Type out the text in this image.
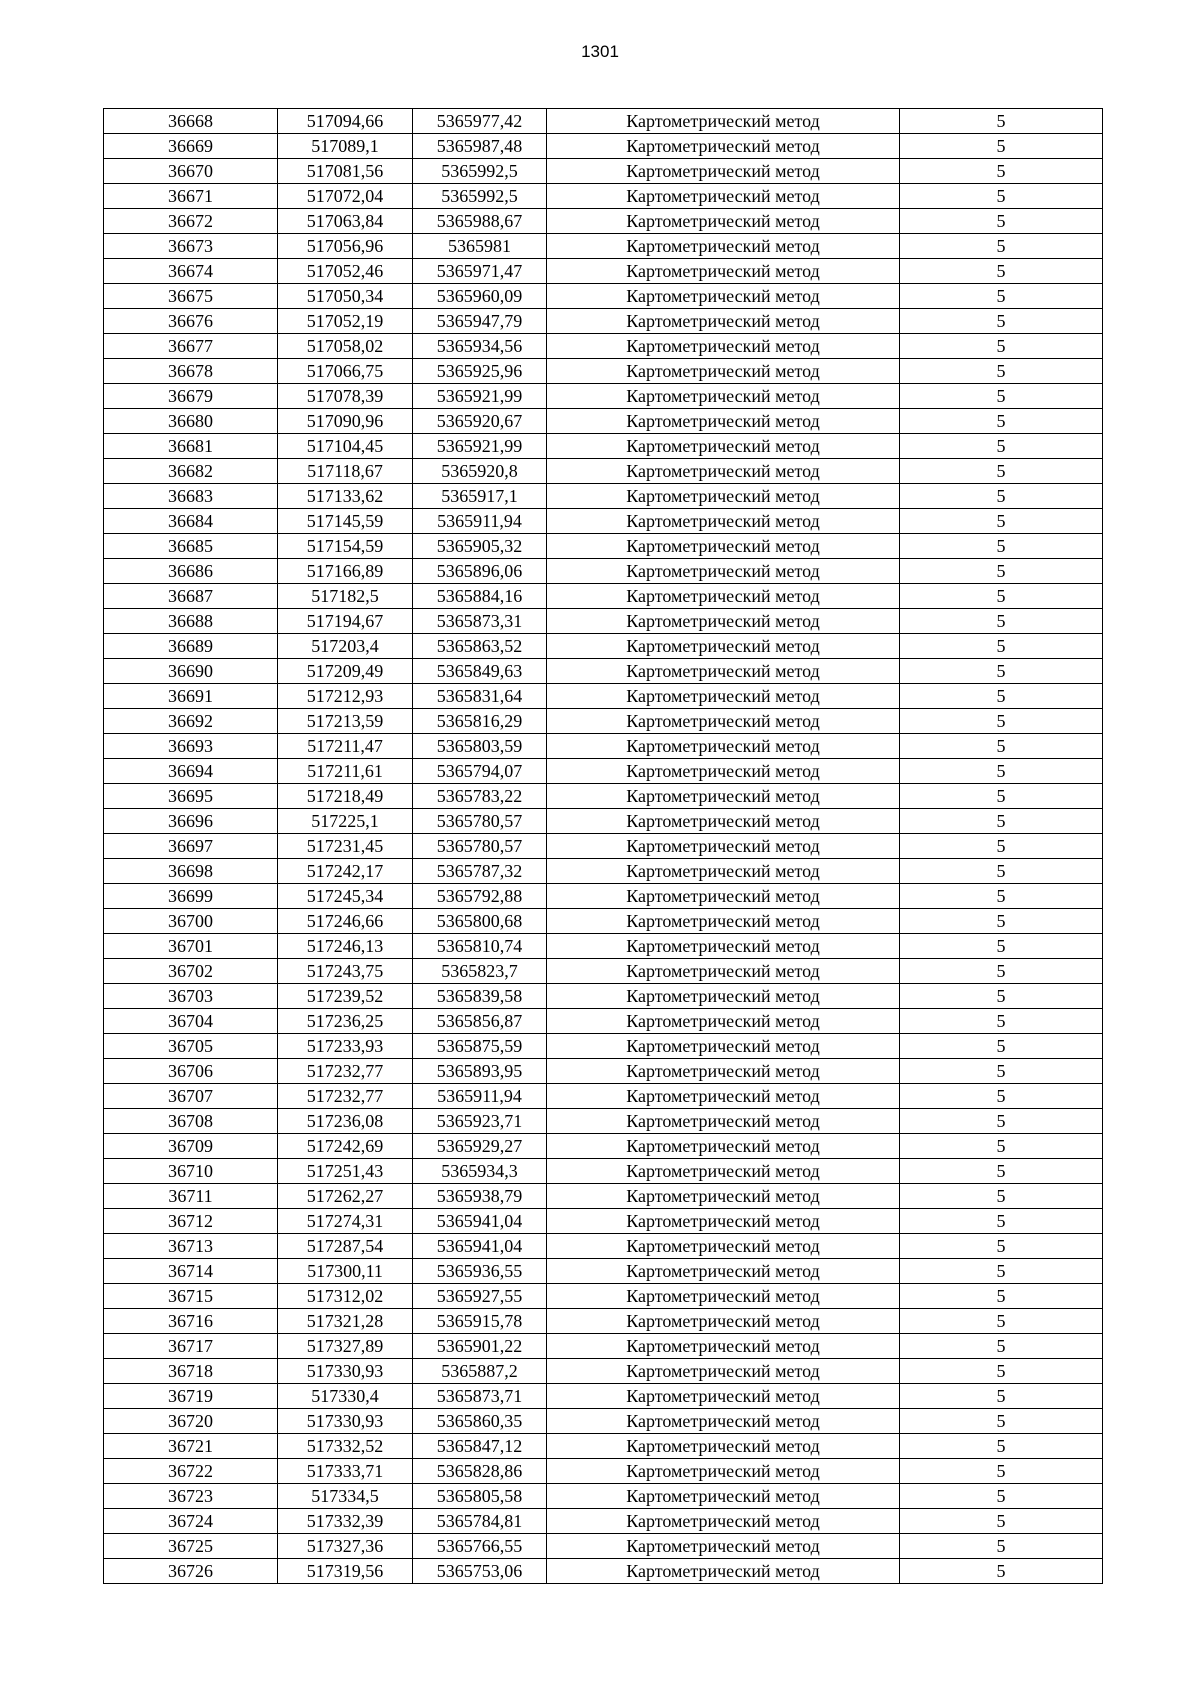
1301
36668	517094,66	5365977,42	Картометрический метод	5
36669	517089,1	5365987,48	Картометрический метод	5
36670	517081,56	5365992,5	Картометрический метод	5
36671	517072,04	5365992,5	Картометрический метод	5
36672	517063,84	5365988,67	Картометрический метод	5
36673	517056,96	5365981	Картометрический метод	5
36674	517052,46	5365971,47	Картометрический метод	5
36675	517050,34	5365960,09	Картометрический метод	5
36676	517052,19	5365947,79	Картометрический метод	5
36677	517058,02	5365934,56	Картометрический метод	5
36678	517066,75	5365925,96	Картометрический метод	5
36679	517078,39	5365921,99	Картометрический метод	5
36680	517090,96	5365920,67	Картометрический метод	5
36681	517104,45	5365921,99	Картометрический метод	5
36682	517118,67	5365920,8	Картометрический метод	5
36683	517133,62	5365917,1	Картометрический метод	5
36684	517145,59	5365911,94	Картометрический метод	5
36685	517154,59	5365905,32	Картометрический метод	5
36686	517166,89	5365896,06	Картометрический метод	5
36687	517182,5	5365884,16	Картометрический метод	5
36688	517194,67	5365873,31	Картометрический метод	5
36689	517203,4	5365863,52	Картометрический метод	5
36690	517209,49	5365849,63	Картометрический метод	5
36691	517212,93	5365831,64	Картометрический метод	5
36692	517213,59	5365816,29	Картометрический метод	5
36693	517211,47	5365803,59	Картометрический метод	5
36694	517211,61	5365794,07	Картометрический метод	5
36695	517218,49	5365783,22	Картометрический метод	5
36696	517225,1	5365780,57	Картометрический метод	5
36697	517231,45	5365780,57	Картометрический метод	5
36698	517242,17	5365787,32	Картометрический метод	5
36699	517245,34	5365792,88	Картометрический метод	5
36700	517246,66	5365800,68	Картометрический метод	5
36701	517246,13	5365810,74	Картометрический метод	5
36702	517243,75	5365823,7	Картометрический метод	5
36703	517239,52	5365839,58	Картометрический метод	5
36704	517236,25	5365856,87	Картометрический метод	5
36705	517233,93	5365875,59	Картометрический метод	5
36706	517232,77	5365893,95	Картометрический метод	5
36707	517232,77	5365911,94	Картометрический метод	5
36708	517236,08	5365923,71	Картометрический метод	5
36709	517242,69	5365929,27	Картометрический метод	5
36710	517251,43	5365934,3	Картометрический метод	5
36711	517262,27	5365938,79	Картометрический метод	5
36712	517274,31	5365941,04	Картометрический метод	5
36713	517287,54	5365941,04	Картометрический метод	5
36714	517300,11	5365936,55	Картометрический метод	5
36715	517312,02	5365927,55	Картометрический метод	5
36716	517321,28	5365915,78	Картометрический метод	5
36717	517327,89	5365901,22	Картометрический метод	5
36718	517330,93	5365887,2	Картометрический метод	5
36719	517330,4	5365873,71	Картометрический метод	5
36720	517330,93	5365860,35	Картометрический метод	5
36721	517332,52	5365847,12	Картометрический метод	5
36722	517333,71	5365828,86	Картометрический метод	5
36723	517334,5	5365805,58	Картометрический метод	5
36724	517332,39	5365784,81	Картометрический метод	5
36725	517327,36	5365766,55	Картометрический метод	5
36726	517319,56	5365753,06	Картометрический метод	5
